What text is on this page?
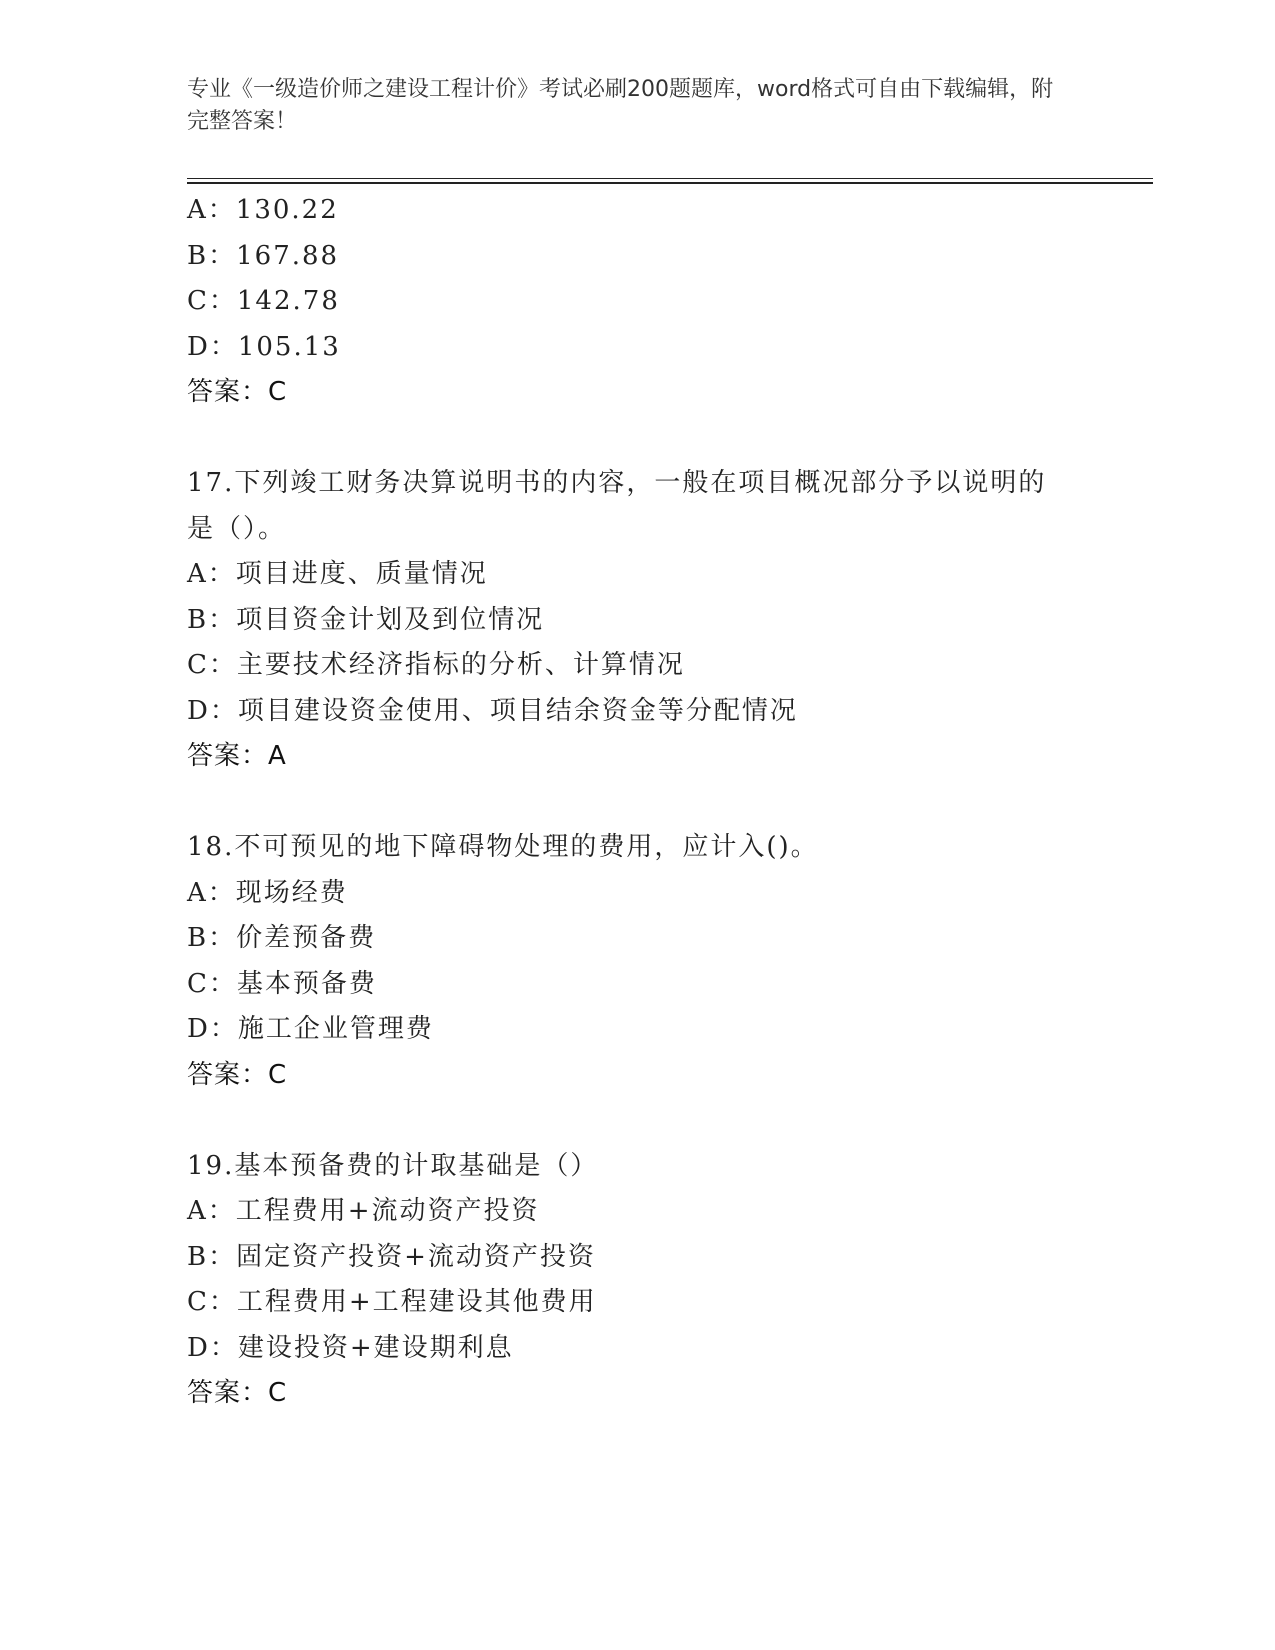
专业《一级造价师之建设工程计价》考试必刷200题题库，word格式可自由下载编辑，附完整答案！
A：130.22
B：167.88
C：142.78
D：105.13
答案：C
17.下列竣工财务决算说明书的内容，一般在项目概况部分予以说明的是（）。
A：项目进度、质量情况
B：项目资金计划及到位情况
C：主要技术经济指标的分析、计算情况
D：项目建设资金使用、项目结余资金等分配情况
答案：A
18.不可预见的地下障碍物处理的费用，应计入()。
A：现场经费
B：价差预备费
C：基本预备费
D：施工企业管理费
答案：C
19.基本预备费的计取基础是（）
A：工程费用+流动资产投资
B：固定资产投资+流动资产投资
C：工程费用+工程建设其他费用
D：建设投资+建设期利息
答案：C
